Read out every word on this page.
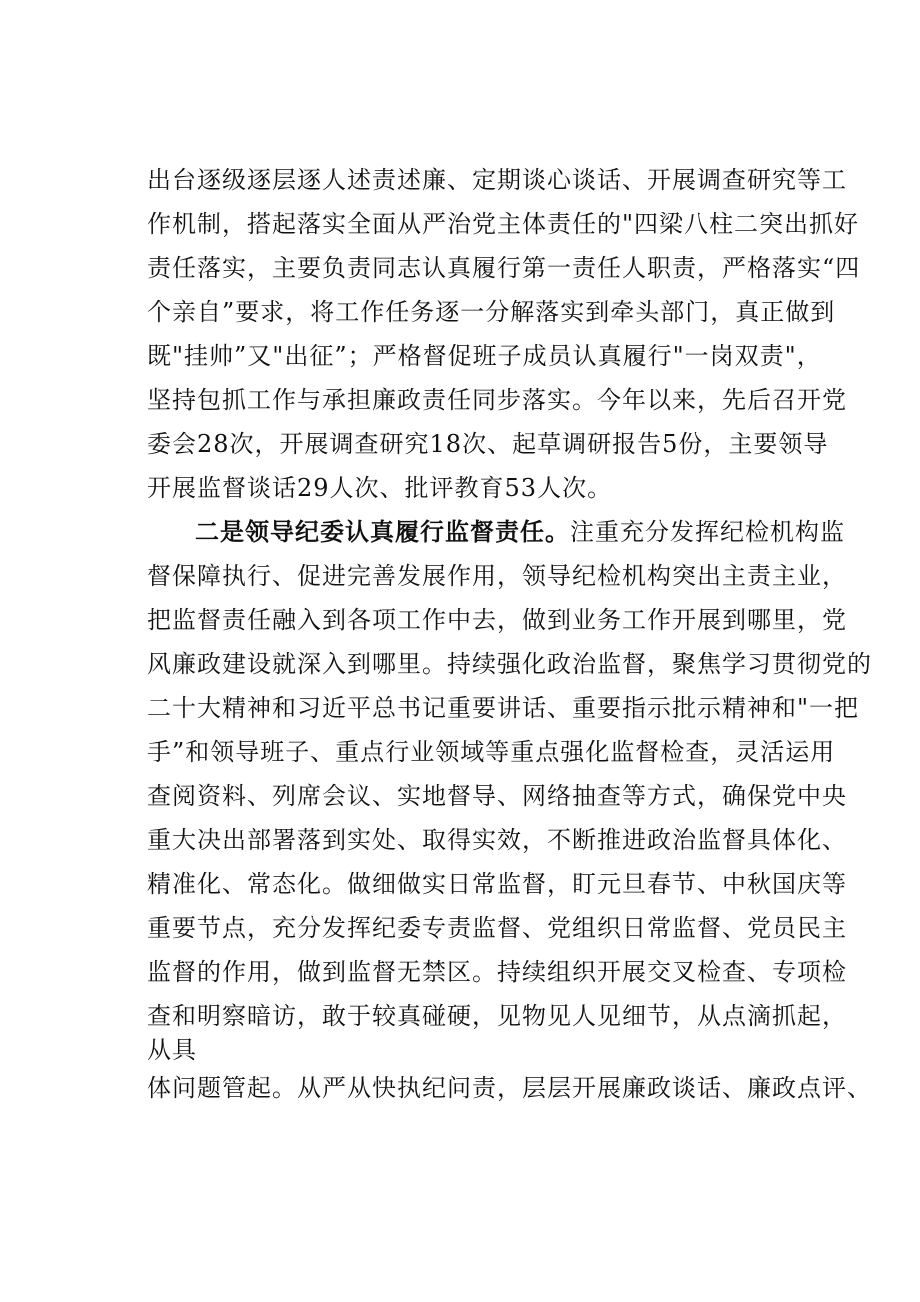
出台逐级逐层逐人述责述廉、定期谈心谈话、开展调查研究等工
作机制，搭起落实全面从严治党主体责任的"四梁八柱二突出抓好
责任落实，主要负责同志认真履行第一责任人职责，严格落实“四
个亲自”要求，将工作任务逐一分解落实到牵头部门，真正做到
既"挂帅”又"出征”；严格督促班子成员认真履行"一岗双责"，
坚持包抓工作与承担廉政责任同步落实。今年以来，先后召开党
委会28次，开展调查研究18次、起草调研报告5份，主要领导
开展监督谈话29人次、批评教育53人次。
二是领导纪委认真履行监督责任。注重充分发挥纪检机构监
督保障执行、促进完善发展作用，领导纪检机构突出主责主业，
把监督责任融入到各项工作中去，做到业务工作开展到哪里，党
风廉政建设就深入到哪里。持续强化政治监督，聚焦学习贯彻党的
二十大精神和习近平总书记重要讲话、重要指示批示精神和"一把
手”和领导班子、重点行业领域等重点强化监督检查，灵活运用
查阅资料、列席会议、实地督导、网络抽查等方式，确保党中央
重大决出部署落到实处、取得实效，不断推进政治监督具体化、
精准化、常态化。做细做实日常监督，盯元旦春节、中秋国庆等
重要节点，充分发挥纪委专责监督、党组织日常监督、党员民主
监督的作用，做到监督无禁区。持续组织开展交叉检查、专项检
查和明察暗访，敢于较真碰硬，见物见人见细节，从点滴抓起，
从具
体问题管起。从严从快执纪问责，层层开展廉政谈话、廉政点评、
